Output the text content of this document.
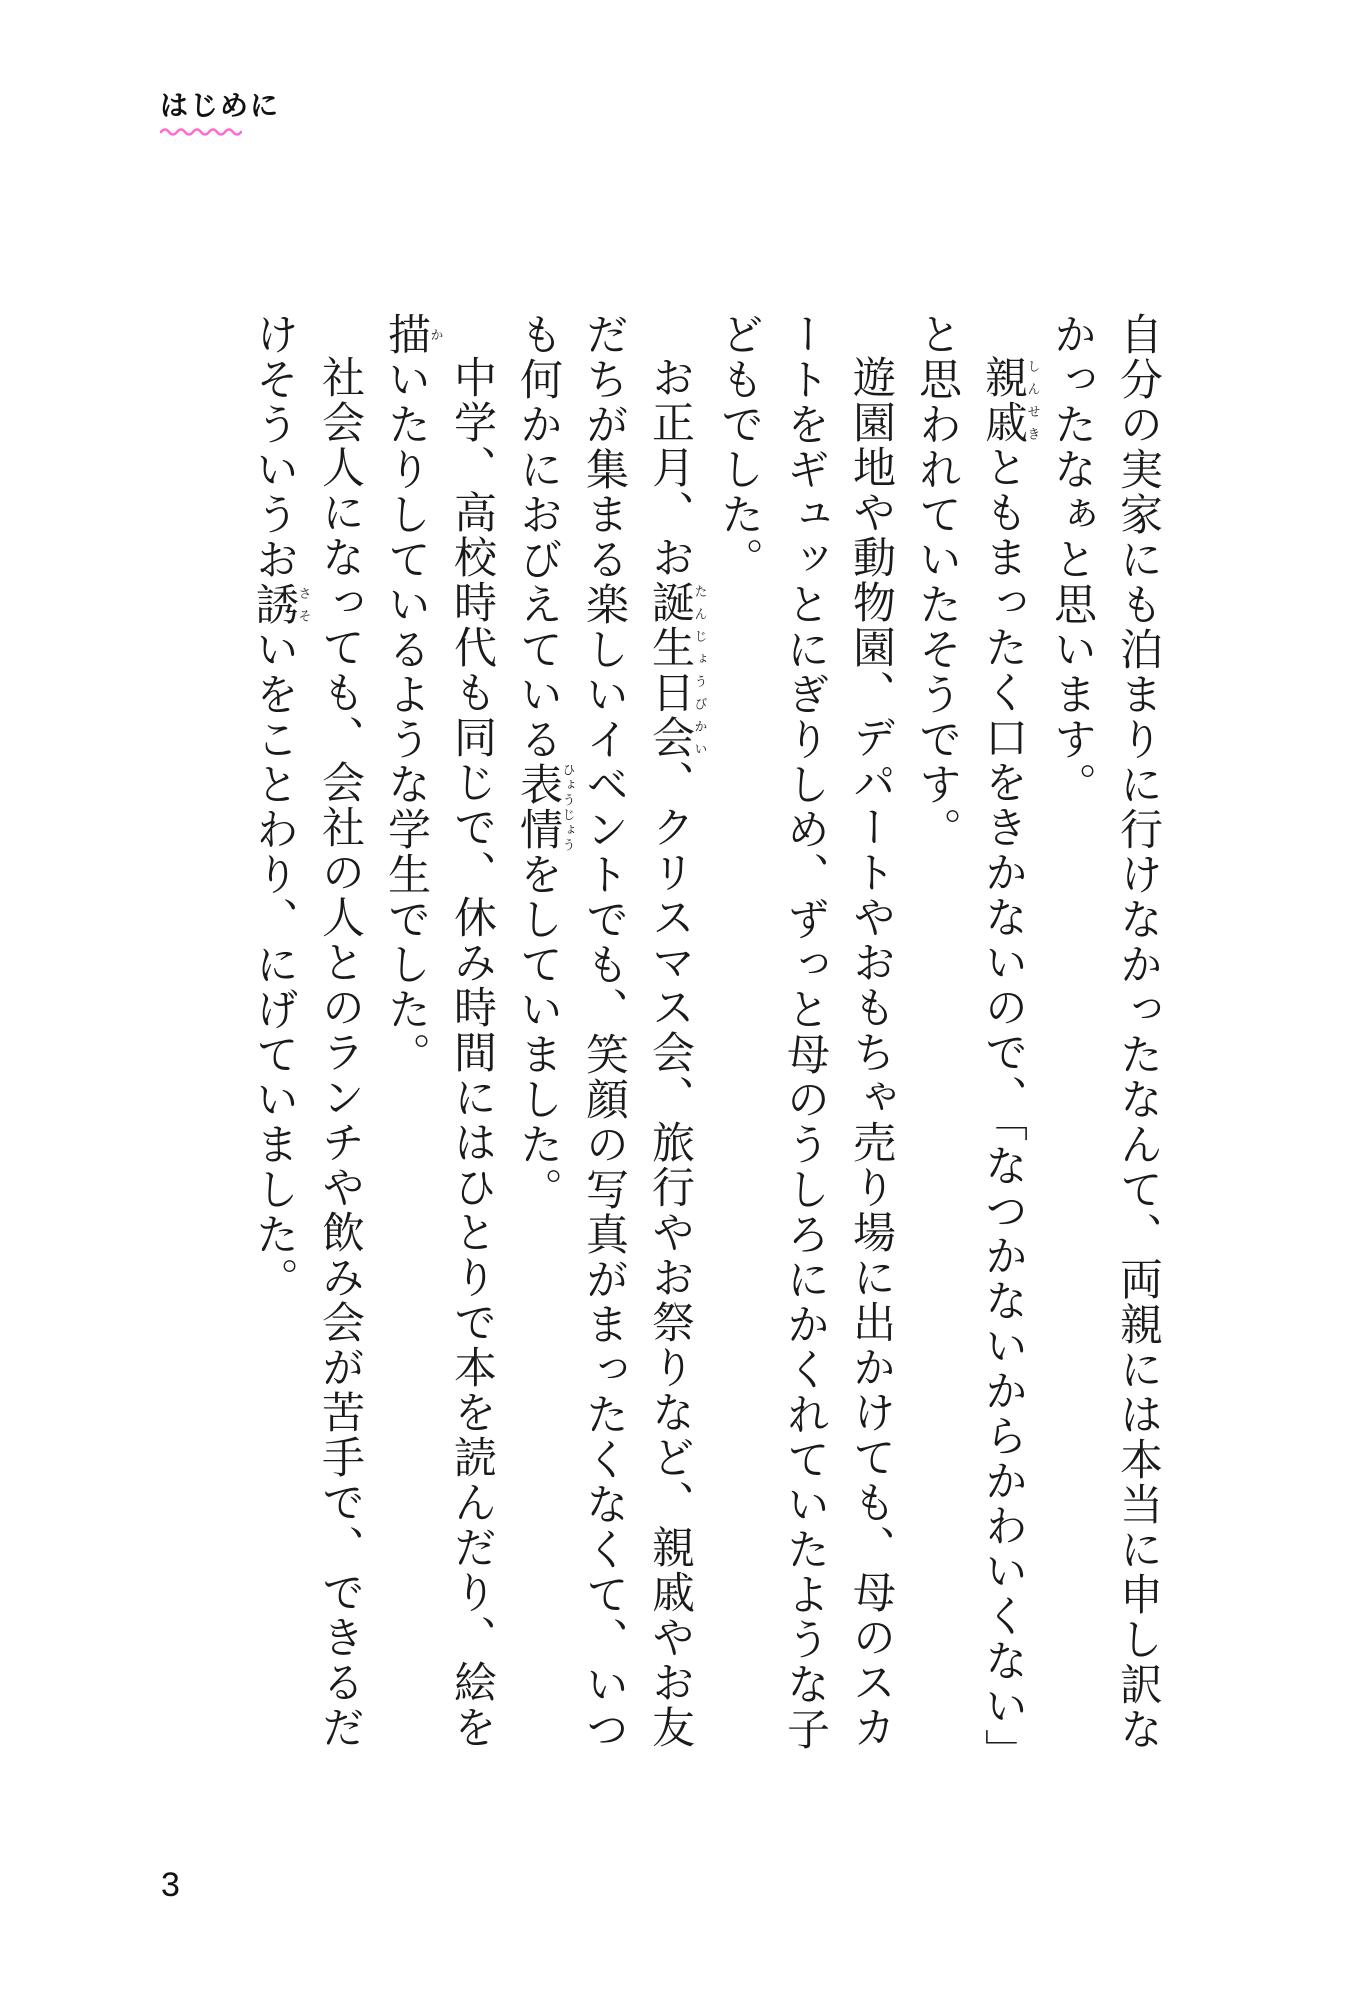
はじめに

自分の実家にも泊まりに行けなかったなんて、両親には本当に申し訳なかったなぁと思います。

親戚しんせきともまったく口をきかないので、「なつかないからかわいくない」と思われていたそうです。

遊園地や動物園、デパートやおもちゃ売り場に出かけても、母のスカートをギュッとにぎりしめ、ずっと母のうしろにかくれていたような子どもでした。

お正月、お誕生日会たんじょうびかい、クリスマス会、旅行やお祭りなど、親戚やお友だちが集まる楽しいイベントでも、笑顔の写真がまったくなくて、いつも何かにおびえている表情ひょうじょうをしていました。

中学、高校時代も同じで、休み時間にはひとりで本を読んだり、絵を描かいたりしているような学生でした。

社会人になっても、会社の人とのランチや飲み会が苦手で、できるだけそういうお誘さそいをことわり、にげていました。

3
